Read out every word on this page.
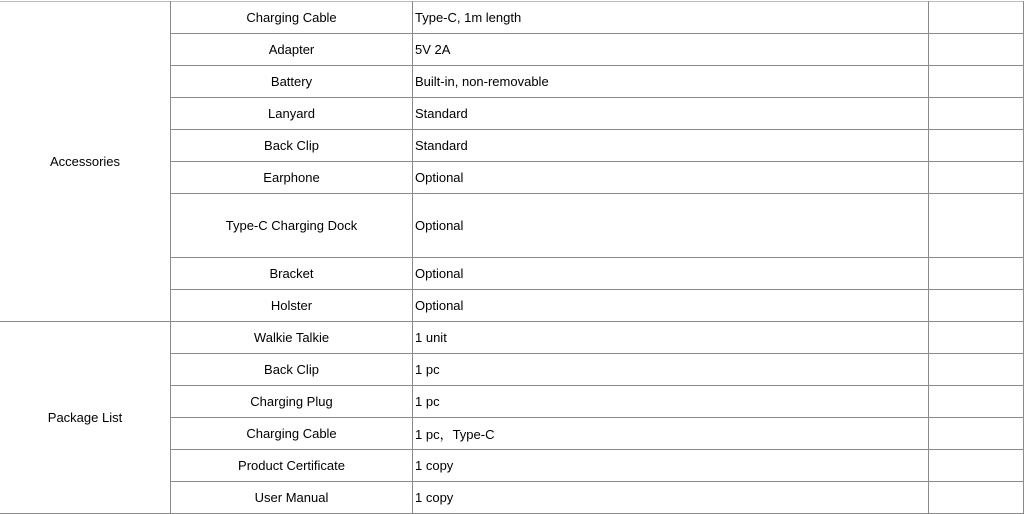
Accessories	Charging Cable	Type-C, 1m length	
	Adapter	5V 2A	
	Battery	Built-in, non-removable	
	Lanyard	Standard	
	Back Clip	Standard	
	Earphone	Optional	
	Type-C Charging Dock	Optional	
	Bracket	Optional	
	Holster	Optional	
Package List	Walkie Talkie	1 unit	
	Back Clip	1 pc	
	Charging Plug	1 pc	
	Charging Cable	1 pc，Type-C	
	Product Certificate	1 copy	
	User Manual	1 copy	
